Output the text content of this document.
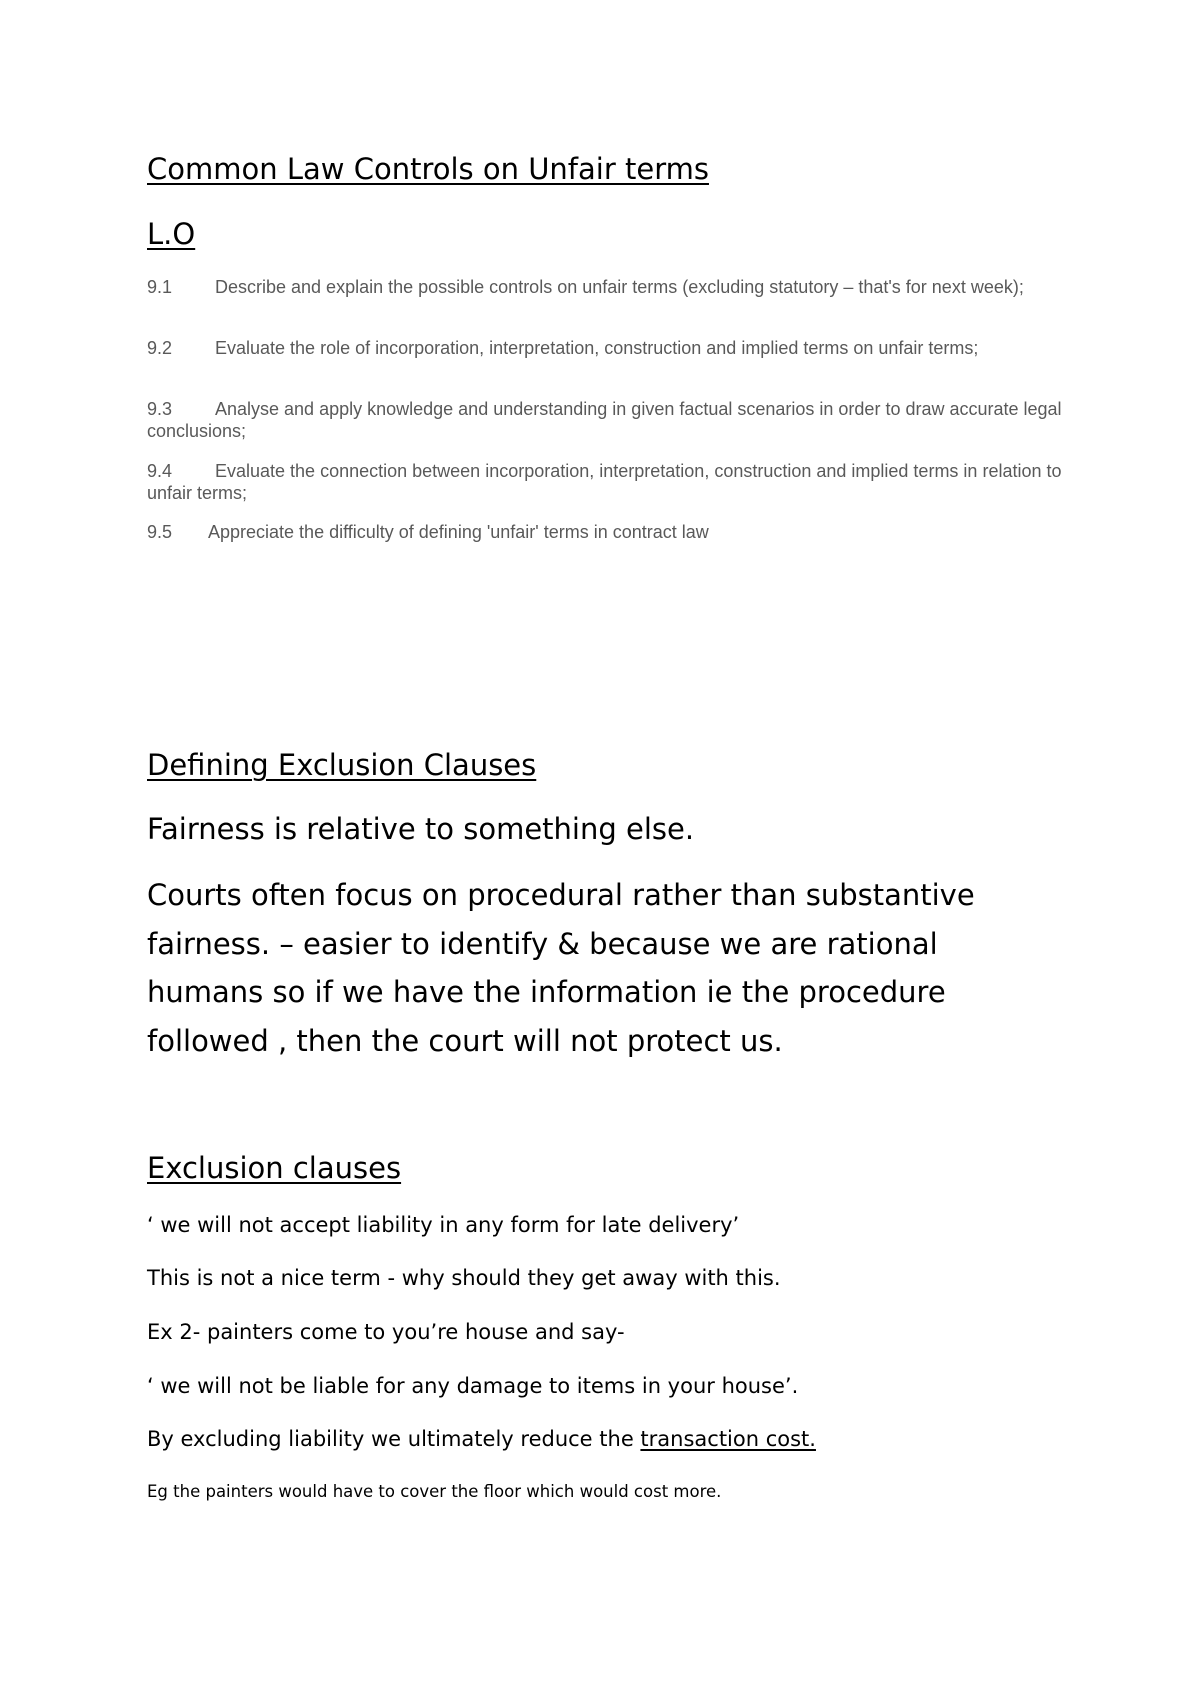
Common Law Controls on Unfair terms
L.O
9.1 Describe and explain the possible controls on unfair terms (excluding statutory – that's for next week);
9.2 Evaluate the role of incorporation, interpretation, construction and implied terms on unfair terms;
9.3 Analyse and apply knowledge and understanding in given factual scenarios in order to draw accurate legal conclusions;
9.4 Evaluate the connection between incorporation, interpretation, construction and implied terms in relation to unfair terms;
9.5 Appreciate the difficulty of defining 'unfair' terms in contract law
Defining Exclusion Clauses
Fairness is relative to something else.
Courts often focus on procedural rather than substantive fairness. – easier to identify & because we are rational humans so if we have the information ie the procedure followed , then the court will not protect us.
Exclusion clauses
‘ we will not accept liability in any form for late delivery’
This is not a nice term - why should they get away with this.
Ex 2- painters come to you’re house and say-
‘ we will not be liable for any damage to items in your house’.
By excluding liability we ultimately reduce the transaction cost.
Eg the painters would have to cover the floor which would cost more.
